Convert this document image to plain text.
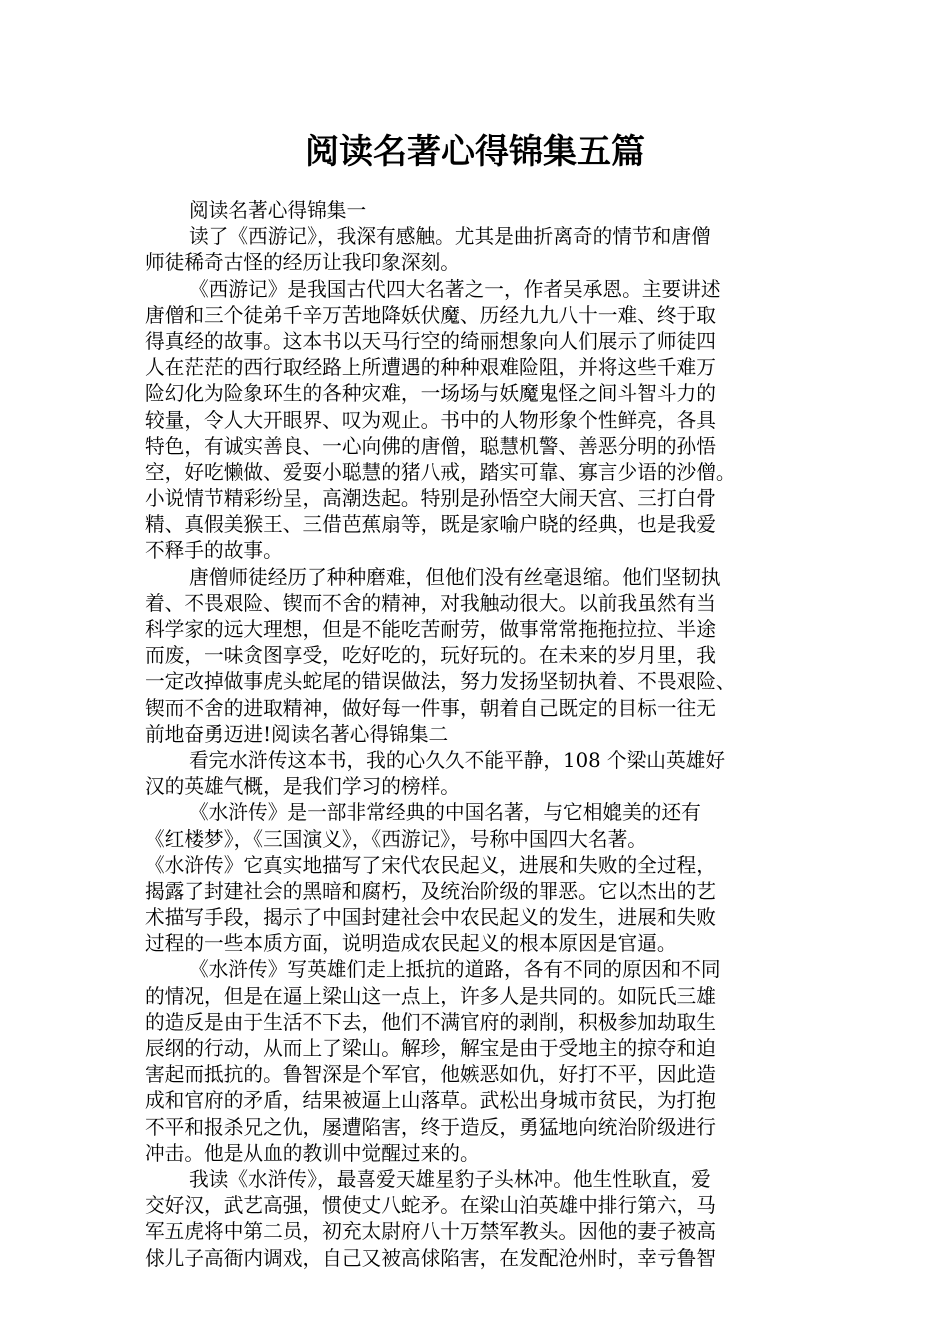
阅读名著心得锦集五篇
阅读名著心得锦集一
读了《西游记》，我深有感触。尤其是曲折离奇的情节和唐僧
师徒稀奇古怪的经历让我印象深刻。
《西游记》是我国古代四大名著之一，作者吴承恩。主要讲述
唐僧和三个徒弟千辛万苦地降妖伏魔、历经九九八十一难、终于取
得真经的故事。这本书以天马行空的绮丽想象向人们展示了师徒四
人在茫茫的西行取经路上所遭遇的种种艰难险阻，并将这些千难万
险幻化为险象环生的各种灾难，一场场与妖魔鬼怪之间斗智斗力的
较量，令人大开眼界、叹为观止。书中的人物形象个性鲜亮，各具
特色，有诚实善良、一心向佛的唐僧，聪慧机警、善恶分明的孙悟
空，好吃懒做、爱耍小聪慧的猪八戒，踏实可靠、寡言少语的沙僧。
小说情节精彩纷呈，高潮迭起。特别是孙悟空大闹天宫、三打白骨
精、真假美猴王、三借芭蕉扇等，既是家喻户晓的经典，也是我爱
不释手的故事。
唐僧师徒经历了种种磨难，但他们没有丝毫退缩。他们坚韧执
着、不畏艰险、锲而不舍的精神，对我触动很大。以前我虽然有当
科学家的远大理想，但是不能吃苦耐劳，做事常常拖拖拉拉、半途
而废，一味贪图享受，吃好吃的，玩好玩的。在未来的岁月里，我
一定改掉做事虎头蛇尾的错误做法，努力发扬坚韧执着、不畏艰险、
锲而不舍的进取精神，做好每一件事，朝着自己既定的目标一往无
前地奋勇迈进!阅读名著心得锦集二
看完水浒传这本书，我的心久久不能平静，108 个梁山英雄好
汉的英雄气概，是我们学习的榜样。
《水浒传》是一部非常经典的中国名著，与它相媲美的还有
《红楼梦》，《三国演义》，《西游记》，号称中国四大名著。
《水浒传》它真实地描写了宋代农民起义，进展和失败的全过程，
揭露了封建社会的黑暗和腐朽，及统治阶级的罪恶。它以杰出的艺
术描写手段，揭示了中国封建社会中农民起义的发生，进展和失败
过程的一些本质方面，说明造成农民起义的根本原因是官逼。
《水浒传》写英雄们走上抵抗的道路，各有不同的原因和不同
的情况，但是在逼上梁山这一点上，许多人是共同的。如阮氏三雄
的造反是由于生活不下去，他们不满官府的剥削，积极参加劫取生
辰纲的行动，从而上了梁山。解珍，解宝是由于受地主的掠夺和迫
害起而抵抗的。鲁智深是个军官，他嫉恶如仇，好打不平，因此造
成和官府的矛盾，结果被逼上山落草。武松出身城市贫民，为打抱
不平和报杀兄之仇，屡遭陷害，终于造反，勇猛地向统治阶级进行
冲击。他是从血的教训中觉醒过来的。
我读《水浒传》，最喜爱天雄星豹子头林冲。他生性耿直，爱
交好汉，武艺高强，惯使丈八蛇矛。在梁山泊英雄中排行第六，马
军五虎将中第二员，初充太尉府八十万禁军教头。因他的妻子被高
俅儿子高衙内调戏，自己又被高俅陷害，在发配沧州时，幸亏鲁智
